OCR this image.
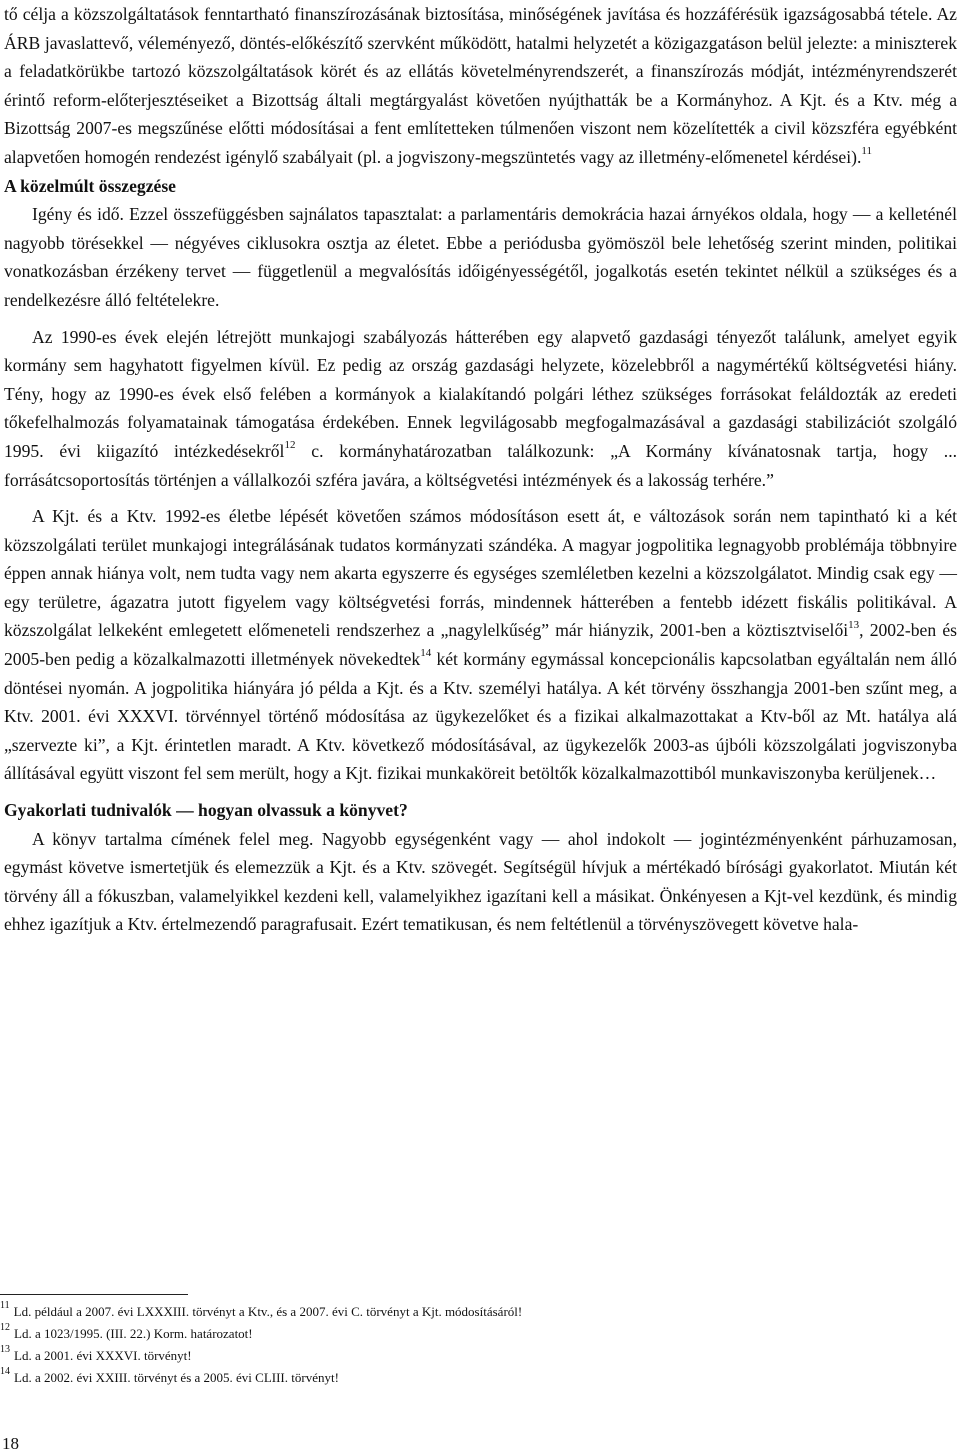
tő célja a közszolgáltatások fenntartható finanszírozásának biztosítása, minőségének javítása és hozzáférésük igazságosabbá tétele. Az ÁRB javaslattevő, véleményező, döntés-előkészítő szervként működött, hatalmi helyzetét a közigazgatáson belül jelezte: a miniszterek a feladatkörükbe tartozó közszolgáltatások körét és az ellátás követelményrendszerét, a finanszírozás módját, intézményrendszerét érintő reform-előterjesztéseiket a Bizottság általi megtárgyalást követően nyújthatták be a Kormányhoz. A Kjt. és a Ktv. még a Bizottság 2007-es megszűnése előtti módosításai a fent említetteken túlmenően viszont nem közelítették a civil közszféra egyébként alapvetően homogén rendezést igénylő szabályait (pl. a jogviszony-megszüntetés vagy az illetmény-előmenetel kérdései).$^{11}$

A közelmúlt összegzése

Igény és idő. Ezzel összefüggésben sajnálatos tapasztalat: a parlamentáris demokrácia hazai árnyékos oldala, hogy — a kelleténél nagyobb törésekkel — négyéves ciklusokra osztja az életet. Ebbe a periódusba gyömöszöl bele lehetőség szerint minden, politikai vonatkozásban érzékeny tervet — függetlenül a megvalósítás időigényességétől, jogalkotás esetén tekintet nélkül a szükséges és a rendelkezésre álló feltételekre.

Az 1990-es évek elején létrejött munkajogi szabályozás hátterében egy alapvető gazdasági tényezőt találunk, amelyet egyik kormány sem hagyhatott figyelmen kívül. Ez pedig az ország gazdasági helyzete, közelebbről a nagymértékű költségvetési hiány. Tény, hogy az 1990-es évek első felében a kormányok a kialakítandó polgári léthez szükséges forrásokat feláldozták az eredeti tőkefelhalmozás folyamatainak támogatása érdekében. Ennek legvilágosabb megfogalmazásával a gazdasági stabilizációt szolgáló 1995. évi kiigazító intézkedésekről$^{12}$ c. kormányhatározatban találkozunk: „A Kormány kívánatosnak tartja, hogy ... forrásátcsoportosítás történjen a vállalkozói szféra javára, a költségvetési intézmények és a lakosság terhére.”

A Kjt. és a Ktv. 1992-es életbe lépését követően számos módosításon esett át, e változások során nem tapintható ki a két közszolgálati terület munkajogi integrálásának tudatos kormányzati szándéka. A magyar jogpolitika legnagyobb problémája többnyire éppen annak hiánya volt, nem tudta vagy nem akarta egyszerre és egységes szemléletben kezelni a közszolgálatot. Mindig csak egy — egy területre, ágazatra jutott figyelem vagy költségvetési forrás, mindennek hátterében a fentebb idézett fiskális politikával. A közszolgálat lelkeként emlegetett előmeneteli rendszerhez a „nagylelkűség” már hiányzik, 2001-ben a köztisztviselői$^{13}$, 2002-ben és 2005-ben pedig a közalkalmazotti illetmények növekedtek$^{14}$ két kormány egymással koncepcionális kapcsolatban egyáltalán nem álló döntései nyomán. A jogpolitika hiányára jó példa a Kjt. és a Ktv. személyi hatálya. A két törvény összhangja 2001-ben szűnt meg, a Ktv. 2001. évi XXXVI. törvénnyel történő módosítása az ügykezelőket és a fizikai alkalmazottakat a Ktv-ből az Mt. hatálya alá „szervezte ki”, a Kjt. érintetlen maradt. A Ktv. következő módosításával, az ügykezelők 2003-as újbóli közszolgálati jogviszonyba állításával együtt viszont fel sem merült, hogy a Kjt. fizikai munkaköreit betöltők közalkalmazottiból munkaviszonyba kerüljenek…

Gyakorlati tudnivalók — hogyan olvassuk a könyvet?

A könyv tartalma címének felel meg. Nagyobb egységenként vagy — ahol indokolt — jogintézményenként párhuzamosan, egymást követve ismertetjük és elemezzük a Kjt. és a Ktv. szövegét. Segítségül hívjuk a mértékadó bírósági gyakorlatot. Miután két törvény áll a fókuszban, valamelyikkel kezdeni kell, valamelyikhez igazítani kell a másikat. Önkényesen a Kjt-vel kezdünk, és mindig ehhez igazítjuk a Ktv. értelmezendő paragrafusait. Ezért tematikusan, és nem feltétlenül a törvényszövegett követve hala-

$^{11}$ Ld. például a 2007. évi LXXXIII. törvényt a Ktv., és a 2007. évi C. törvényt a Kjt. módosításáról!

$^{12}$ Ld. a 1023/1995. (III. 22.) Korm. határozatot!

$^{13}$ Ld. a 2001. évi XXXVI. törvényt!

$^{14}$ Ld. a 2002. évi XXIII. törvényt és a 2005. évi CLIII. törvényt!

18
